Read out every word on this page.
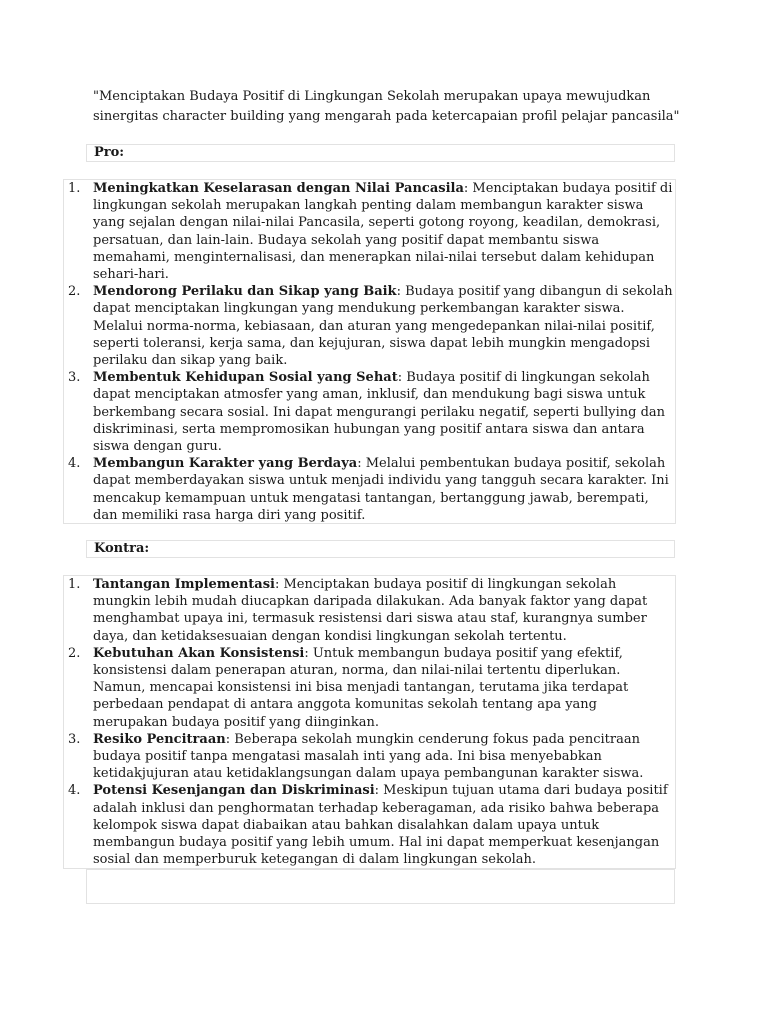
"Menciptakan Budaya Positif di Lingkungan Sekolah merupakan upaya mewujudkan sinergitas character building yang mengarah pada ketercapaian profil pelajar pancasila"
Pro:
1. Meningkatkan Keselarasan dengan Nilai Pancasila: Menciptakan budaya positif di lingkungan sekolah merupakan langkah penting dalam membangun karakter siswa yang sejalan dengan nilai-nilai Pancasila, seperti gotong royong, keadilan, demokrasi, persatuan, dan lain-lain. Budaya sekolah yang positif dapat membantu siswa memahami, menginternalisasi, dan menerapkan nilai-nilai tersebut dalam kehidupan sehari-hari.
2. Mendorong Perilaku dan Sikap yang Baik: Budaya positif yang dibangun di sekolah dapat menciptakan lingkungan yang mendukung perkembangan karakter siswa. Melalui norma-norma, kebiasaan, dan aturan yang mengedepankan nilai-nilai positif, seperti toleransi, kerja sama, dan kejujuran, siswa dapat lebih mungkin mengadopsi perilaku dan sikap yang baik.
3. Membentuk Kehidupan Sosial yang Sehat: Budaya positif di lingkungan sekolah dapat menciptakan atmosfer yang aman, inklusif, dan mendukung bagi siswa untuk berkembang secara sosial. Ini dapat mengurangi perilaku negatif, seperti bullying dan diskriminasi, serta mempromosikan hubungan yang positif antara siswa dan antara siswa dengan guru.
4. Membangun Karakter yang Berdaya: Melalui pembentukan budaya positif, sekolah dapat memberdayakan siswa untuk menjadi individu yang tangguh secara karakter. Ini mencakup kemampuan untuk mengatasi tantangan, bertanggung jawab, berempati, dan memiliki rasa harga diri yang positif.
Kontra:
1. Tantangan Implementasi: Menciptakan budaya positif di lingkungan sekolah mungkin lebih mudah diucapkan daripada dilakukan. Ada banyak faktor yang dapat menghambat upaya ini, termasuk resistensi dari siswa atau staf, kurangnya sumber daya, dan ketidaksesuaian dengan kondisi lingkungan sekolah tertentu.
2. Kebutuhan Akan Konsistensi: Untuk membangun budaya positif yang efektif, konsistensi dalam penerapan aturan, norma, dan nilai-nilai tertentu diperlukan. Namun, mencapai konsistensi ini bisa menjadi tantangan, terutama jika terdapat perbedaan pendapat di antara anggota komunitas sekolah tentang apa yang merupakan budaya positif yang diinginkan.
3. Resiko Pencitraan: Beberapa sekolah mungkin cenderung fokus pada pencitraan budaya positif tanpa mengatasi masalah inti yang ada. Ini bisa menyebabkan ketidakjujuran atau ketidaklangsungan dalam upaya pembangunan karakter siswa.
4. Potensi Kesenjangan dan Diskriminasi: Meskipun tujuan utama dari budaya positif adalah inklusi dan penghormatan terhadap keberagaman, ada risiko bahwa beberapa kelompok siswa dapat diabaikan atau bahkan disalahkan dalam upaya untuk membangun budaya positif yang lebih umum. Hal ini dapat memperkuat kesenjangan sosial dan memperburuk ketegangan di dalam lingkungan sekolah.
